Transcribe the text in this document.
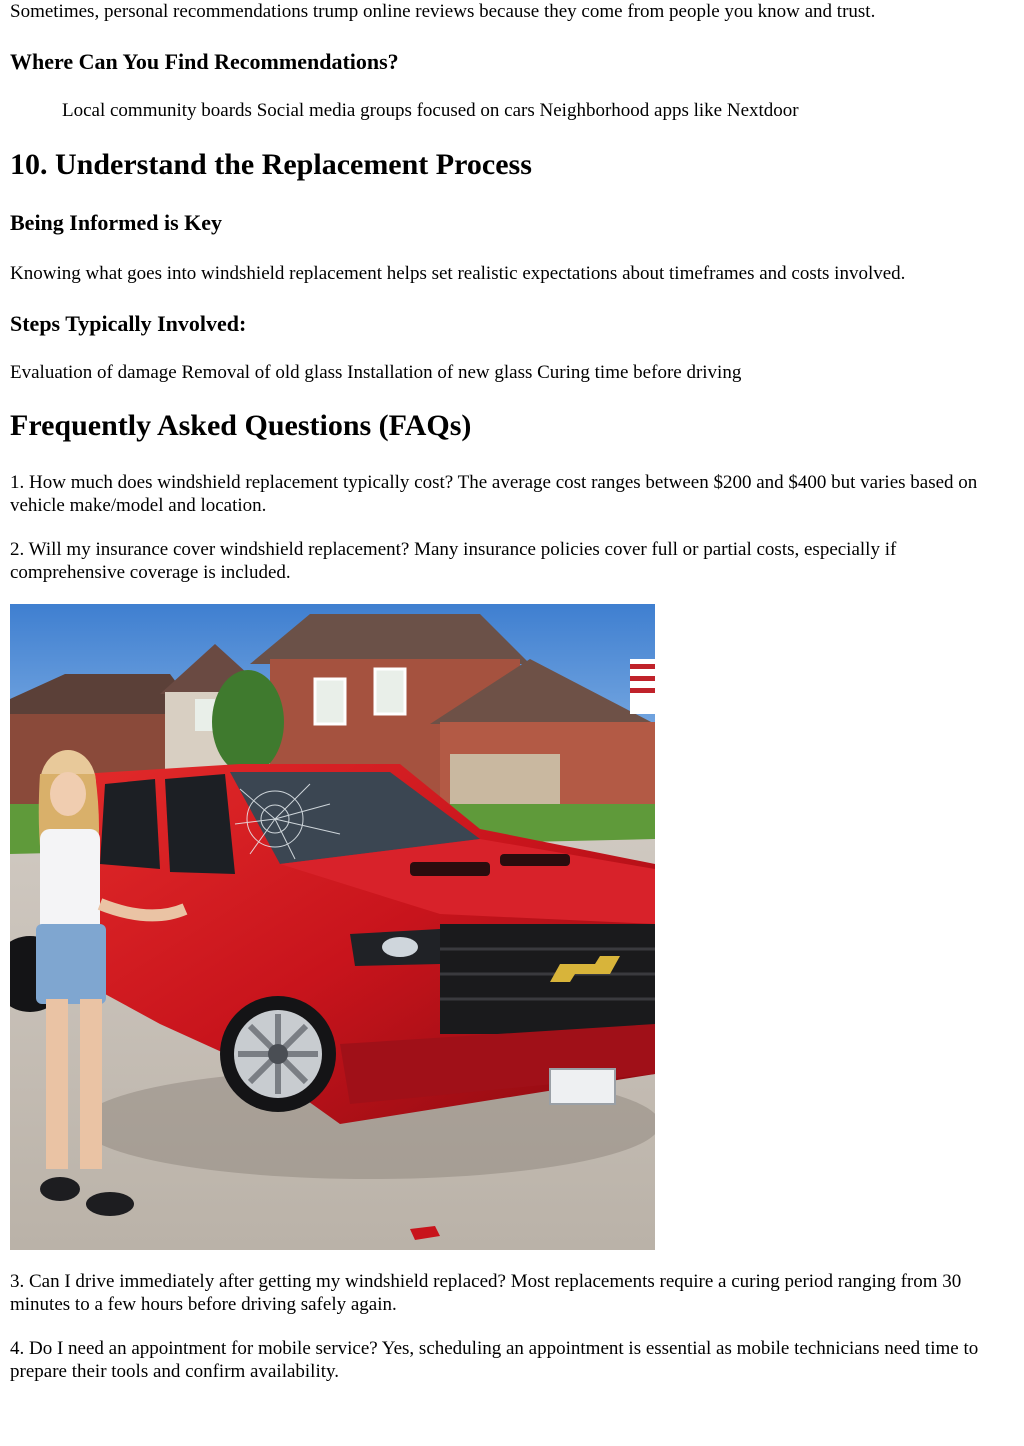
Sometimes, personal recommendations trump online reviews because they come from people you know and trust.

Where Can You Find Recommendations?

Local community boards Social media groups focused on cars Neighborhood apps like Nextdoor

10. Understand the Replacement Process
Being Informed is Key

Knowing what goes into windshield replacement helps set realistic expectations about timeframes and costs involved.

Steps Typically Involved:

Evaluation of damage Removal of old glass Installation of new glass Curing time before driving

Frequently Asked Questions (FAQs)

1. How much does windshield replacement typically cost? The average cost ranges between $200 and $400 but varies based on vehicle make/model and location.

2. Will my insurance cover windshield replacement? Many insurance policies cover full or partial costs, especially if comprehensive coverage is included.

3. Can I drive immediately after getting my windshield replaced? Most replacements require a curing period ranging from 30 minutes to a few hours before driving safely again.

4. Do I need an appointment for mobile service? Yes, scheduling an appointment is essential as mobile technicians need time to prepare their tools and confirm availability.
